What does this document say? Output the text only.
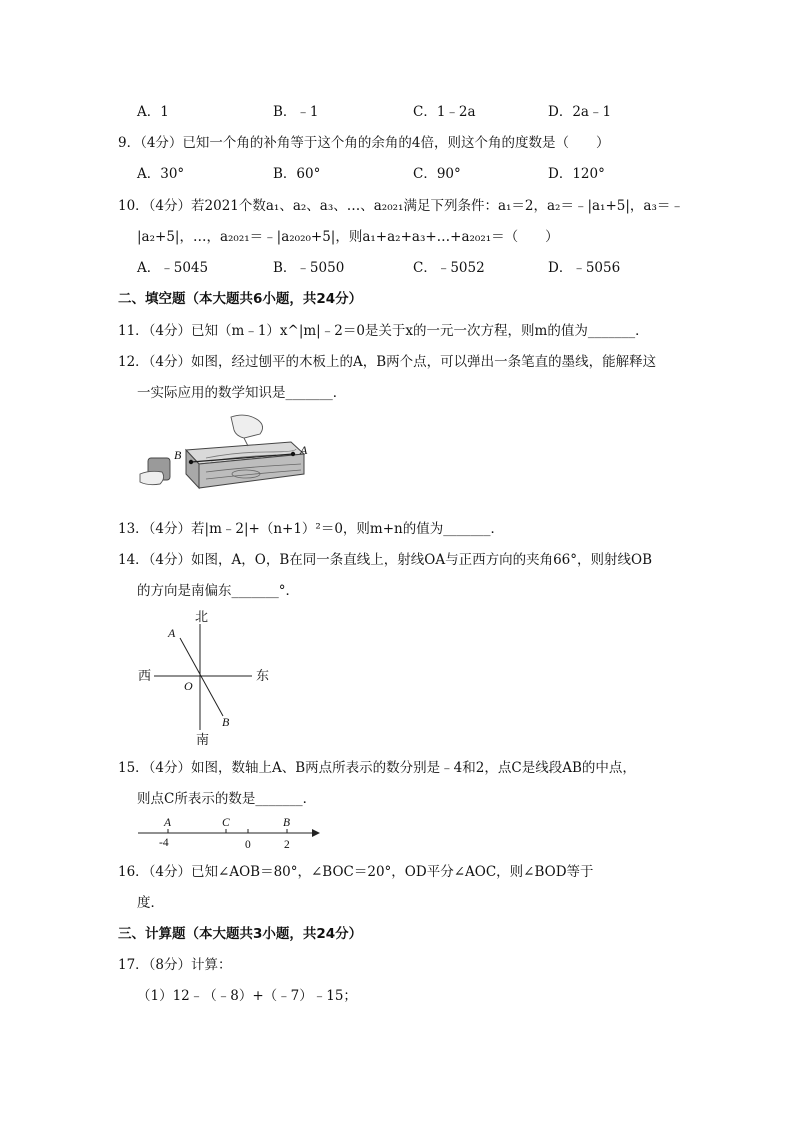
A．1	B．﹣1	C．1﹣2a	D．2a﹣1
9．（4分）已知一个角的补角等于这个角的余角的4倍，则这个角的度数是（　　）
A．30°	B．60°	C．90°	D．120°
10．（4分）若2021个数a₁、a₂、a₃、…、a₂₀₂₁满足下列条件：a₁＝2，a₂＝﹣|a₁+5|，a₃＝﹣
|a₂+5|，…，a₂₀₂₁＝﹣|a₂₀₂₀+5|，则a₁+a₂+a₃+…+a₂₀₂₁＝（　　）
A．﹣5045	B．﹣5050	C．﹣5052	D．﹣5056
二、填空题（本大题共6小题，共24分）
11．（4分）已知（m﹣1）x^|m|﹣2＝0是关于x的一元一次方程，则m的值为_______．
12．（4分）如图，经过刨平的木板上的A，B两个点，可以弹出一条笔直的墨线，能解释这
一实际应用的数学知识是_______．
B	A
13．（4分）若|m﹣2|+（n+1）²＝0，则m+n的值为_______．
14．（4分）如图，A，O，B在同一条直线上，射线OA与正西方向的夹角66°，则射线OB
的方向是南偏东_______°．
北
南
西	东
A
B
O
15．（4分）如图，数轴上A、B两点所表示的数分别是﹣4和2，点C是线段AB的中点，
则点C所表示的数是_______．
A	C	B
-4	0	2
16．（4分）已知∠AOB＝80°，∠BOC＝20°，OD平分∠AOC，则∠BOD等于
度．
三、计算题（本大题共3小题，共24分）
17．（8分）计算：
（1）12﹣（﹣8）+（﹣7）﹣15；
